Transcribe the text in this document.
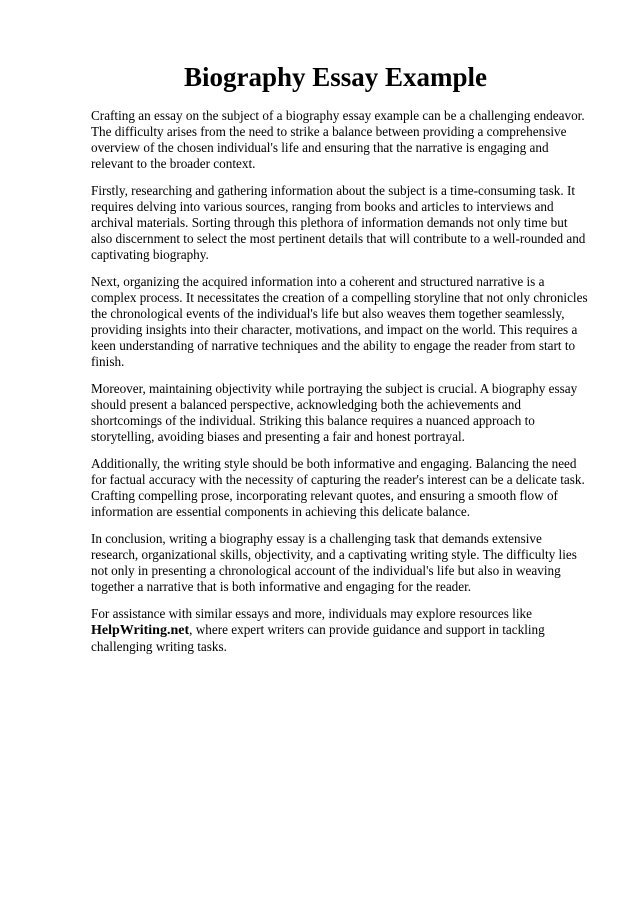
Biography Essay Example

Crafting an essay on the subject of a biography essay example can be a challenging endeavor. The difficulty arises from the need to strike a balance between providing a comprehensive overview of the chosen individual's life and ensuring that the narrative is engaging and relevant to the broader context.

Firstly, researching and gathering information about the subject is a time-consuming task. It requires delving into various sources, ranging from books and articles to interviews and archival materials. Sorting through this plethora of information demands not only time but also discernment to select the most pertinent details that will contribute to a well-rounded and captivating biography.

Next, organizing the acquired information into a coherent and structured narrative is a complex process. It necessitates the creation of a compelling storyline that not only chronicles the chronological events of the individual's life but also weaves them together seamlessly, providing insights into their character, motivations, and impact on the world. This requires a keen understanding of narrative techniques and the ability to engage the reader from start to finish.

Moreover, maintaining objectivity while portraying the subject is crucial. A biography essay should present a balanced perspective, acknowledging both the achievements and shortcomings of the individual. Striking this balance requires a nuanced approach to storytelling, avoiding biases and presenting a fair and honest portrayal.

Additionally, the writing style should be both informative and engaging. Balancing the need for factual accuracy with the necessity of capturing the reader's interest can be a delicate task. Crafting compelling prose, incorporating relevant quotes, and ensuring a smooth flow of information are essential components in achieving this delicate balance.

In conclusion, writing a biography essay is a challenging task that demands extensive research, organizational skills, objectivity, and a captivating writing style. The difficulty lies not only in presenting a chronological account of the individual's life but also in weaving together a narrative that is both informative and engaging for the reader.

For assistance with similar essays and more, individuals may explore resources like HelpWriting.net, where expert writers can provide guidance and support in tackling challenging writing tasks.
